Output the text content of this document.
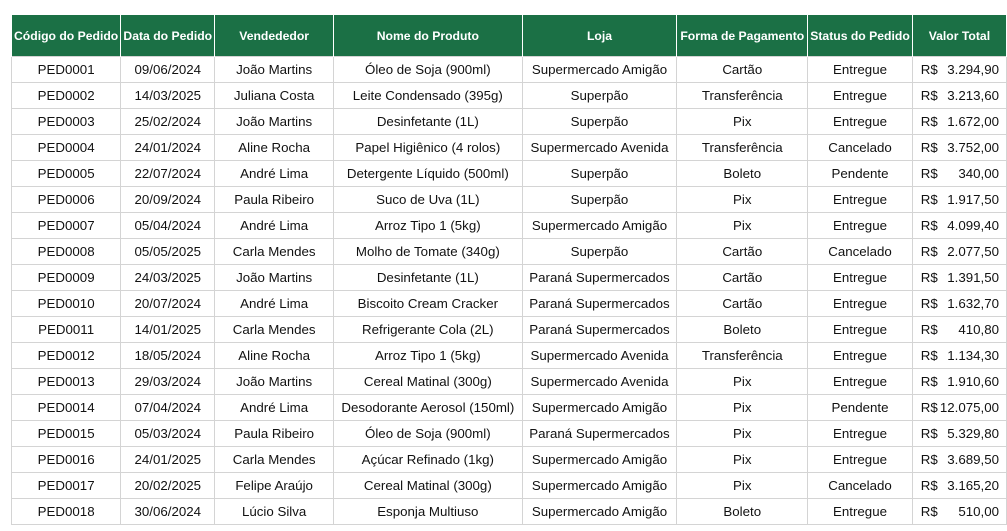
Código do Pedido	Data do Pedido	Vendededor	Nome do Produto	Loja	Forma de Pagamento	Status do Pedido	Valor Total
PED0001	09/06/2024	João Martins	Óleo de Soja (900ml)	Supermercado Amigão	Cartão	Entregue	R$ 3.294,90

PED0002	14/03/2025	Juliana Costa	Leite Condensado (395g)	Superpão	Transferência	Entregue	R$ 3.213,60

PED0003	25/02/2024	João Martins	Desinfetante (1L)	Superpão	Pix	Entregue	R$ 1.672,00

PED0004	24/01/2024	Aline Rocha	Papel Higiênico (4 rolos)	Supermercado Avenida	Transferência	Cancelado	R$ 3.752,00

PED0005	22/07/2024	André Lima	Detergente Líquido (500ml)	Superpão	Boleto	Pendente	R$ 340,00

PED0006	20/09/2024	Paula Ribeiro	Suco de Uva (1L)	Superpão	Pix	Entregue	R$ 1.917,50

PED0007	05/04/2024	André Lima	Arroz Tipo 1 (5kg)	Supermercado Amigão	Pix	Entregue	R$ 4.099,40

PED0008	05/05/2025	Carla Mendes	Molho de Tomate (340g)	Superpão	Cartão	Cancelado	R$ 2.077,50

PED0009	24/03/2025	João Martins	Desinfetante (1L)	Paraná Supermercados	Cartão	Entregue	R$ 1.391,50

PED0010	20/07/2024	André Lima	Biscoito Cream Cracker	Paraná Supermercados	Cartão	Entregue	R$ 1.632,70

PED0011	14/01/2025	Carla Mendes	Refrigerante Cola (2L)	Paraná Supermercados	Boleto	Entregue	R$ 410,80

PED0012	18/05/2024	Aline Rocha	Arroz Tipo 1 (5kg)	Supermercado Avenida	Transferência	Entregue	R$ 1.134,30

PED0013	29/03/2024	João Martins	Cereal Matinal (300g)	Supermercado Avenida	Pix	Entregue	R$ 1.910,60

PED0014	07/04/2024	André Lima	Desodorante Aerosol (150ml)	Supermercado Amigão	Pix	Pendente	R$ 12.075,00

PED0015	05/03/2024	Paula Ribeiro	Óleo de Soja (900ml)	Paraná Supermercados	Pix	Entregue	R$ 5.329,80

PED0016	24/01/2025	Carla Mendes	Açúcar Refinado (1kg)	Supermercado Amigão	Pix	Entregue	R$ 3.689,50

PED0017	20/02/2025	Felipe Araújo	Cereal Matinal (300g)	Supermercado Amigão	Pix	Cancelado	R$ 3.165,20

PED0018	30/06/2024	Lúcio Silva	Esponja Multiuso	Supermercado Amigão	Boleto	Entregue	R$ 510,00
